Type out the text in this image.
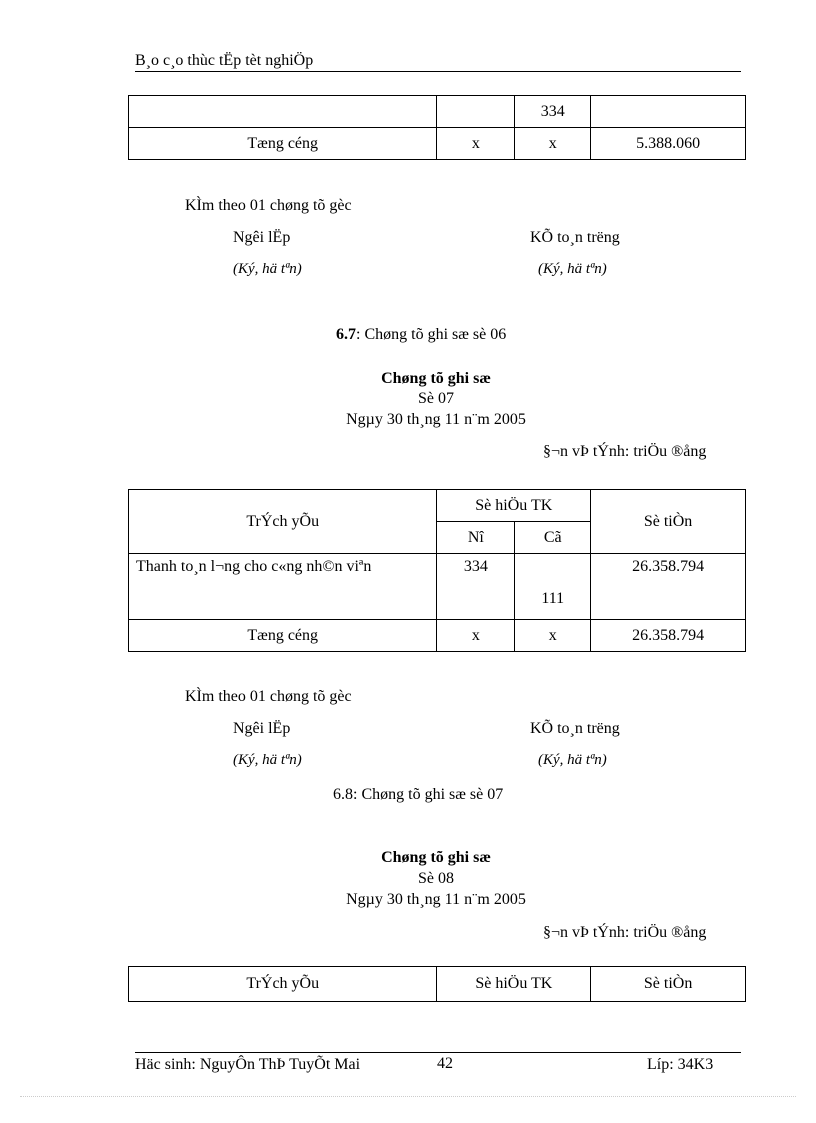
B¸o c¸o thùc tËp tèt nghiÖp
		334	
Tæng céng	x	x	5.388.060
KÌm theo 01 chøng tõ gèc
Ngêi lËp	KÕ to¸n trëng
(Ký, hä tªn)	(Ký, hä tªn)
6.7: Chøng tõ ghi sæ sè 06
Chøng tõ ghi sæ
Sè 07
Ngµy 30 th¸ng 11 n¨m 2005
§¬n vÞ tÝnh: triÖu ®ång
TrÝch yÕu	Sè hiÖu TK		Sè tiÒn
	Nî	Cã	
Thanh to¸n l¬ng cho c«ng nh©n viªn	334	111	26.358.794
Tæng céng	x	x	26.358.794
KÌm theo 01 chøng tõ gèc
Ngêi lËp	KÕ to¸n trëng
(Ký, hä tªn)	(Ký, hä tªn)
6.8: Chøng tõ ghi sæ sè 07
Chøng tõ ghi sæ
Sè 08
Ngµy 30 th¸ng 11 n¨m 2005
§¬n vÞ tÝnh: triÖu ®ång
TrÝch yÕu	Sè hiÖu TK	Sè tiÒn
Häc sinh: NguyÔn ThÞ TuyÕt Mai	42	Líp: 34K3
